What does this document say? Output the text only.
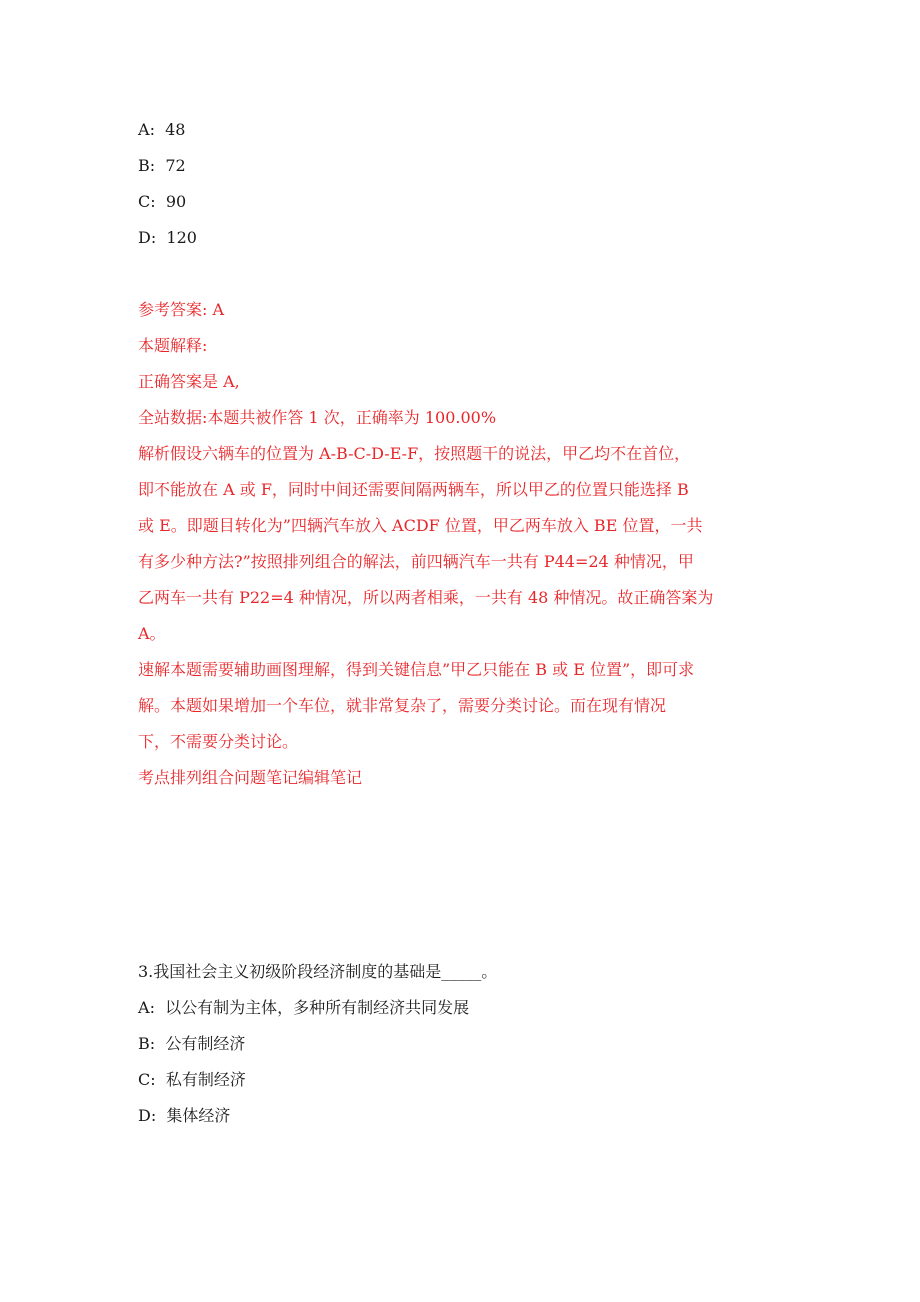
A:  48
B:  72
C:  90
D:  120
参考答案: A
本题解释:
正确答案是 A,
全站数据:本题共被作答 1 次，正确率为 100.00%
解析假设六辆车的位置为 A-B-C-D-E-F，按照题干的说法，甲乙均不在首位，
即不能放在 A 或 F，同时中间还需要间隔两辆车，所以甲乙的位置只能选择 B
或 E。即题目转化为”四辆汽车放入 ACDF 位置，甲乙两车放入 BE 位置，一共
有多少种方法?”按照排列组合的解法，前四辆汽车一共有 P44=24 种情况，甲
乙两车一共有 P22=4 种情况，所以两者相乘，一共有 48 种情况。故正确答案为
A。
速解本题需要辅助画图理解，得到关键信息”甲乙只能在 B 或 E 位置”，即可求
解。本题如果增加一个车位，就非常复杂了，需要分类讨论。而在现有情况
下，不需要分类讨论。
考点排列组合问题笔记编辑笔记
3.我国社会主义初级阶段经济制度的基础是_____。
A:  以公有制为主体，多种所有制经济共同发展
B:  公有制经济
C:  私有制经济
D:  集体经济
